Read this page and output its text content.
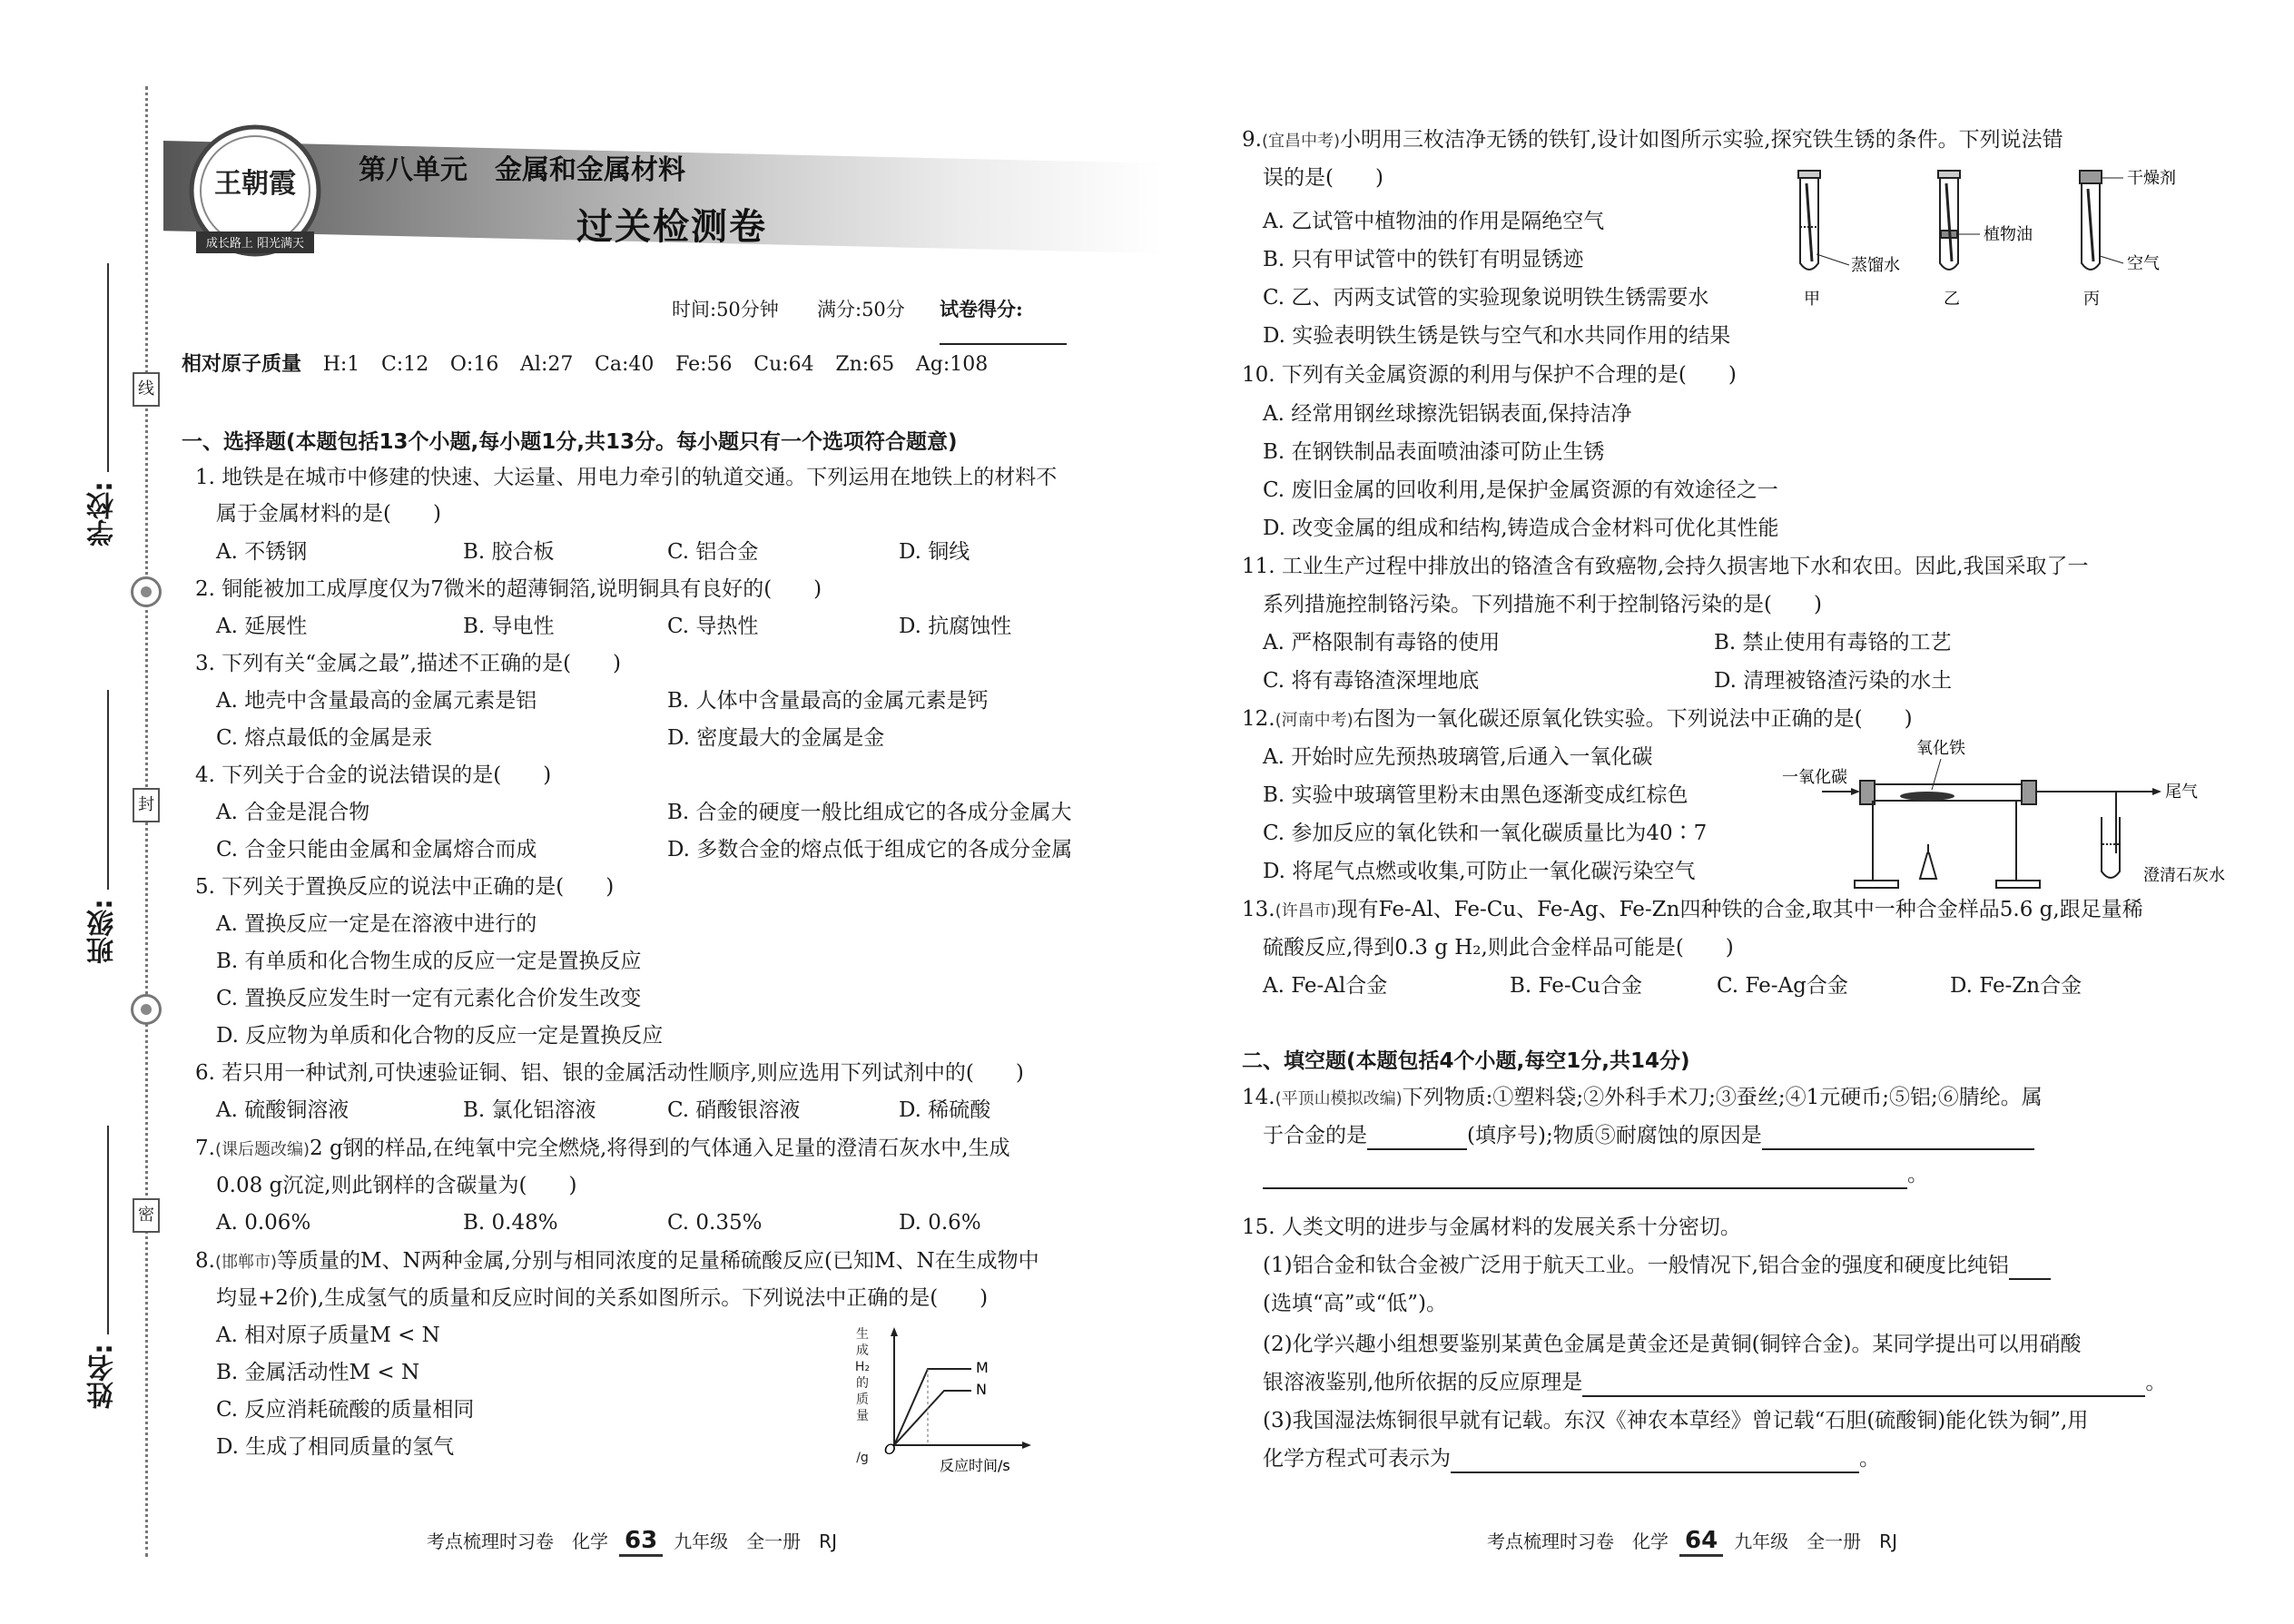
线
封
密
学校:
班级:
姓名:
王朝霞
成长路上 阳光满天
第八单元　金属和金属材料
过关检测卷
时间:50分钟 满分:50分 试卷得分:
相对原子质量 H:1 C:12 O:16 Al:27 Ca:40 Fe:56 Cu:64 Zn:65 Ag:108
一、选择题(本题包括13个小题,每小题1分,共13分。每小题只有一个选项符合题意)
1. 地铁是在城市中修建的快速、大运量、用电力牵引的轨道交通。下列运用在地铁上的材料不
属于金属材料的是(　　)
A. 不锈钢	B. 胶合板	C. 铝合金	D. 铜线
2. 铜能被加工成厚度仅为7微米的超薄铜箔,说明铜具有良好的(　　)
A. 延展性	B. 导电性	C. 导热性	D. 抗腐蚀性
3. 下列有关“金属之最”,描述不正确的是(　　)
A. 地壳中含量最高的金属元素是铝	B. 人体中含量最高的金属元素是钙
C. 熔点最低的金属是汞	D. 密度最大的金属是金
4. 下列关于合金的说法错误的是(　　)
A. 合金是混合物	B. 合金的硬度一般比组成它的各成分金属大
C. 合金只能由金属和金属熔合而成	D. 多数合金的熔点低于组成它的各成分金属
5. 下列关于置换反应的说法中正确的是(　　)
A. 置换反应一定是在溶液中进行的
B. 有单质和化合物生成的反应一定是置换反应
C. 置换反应发生时一定有元素化合价发生改变
D. 反应物为单质和化合物的反应一定是置换反应
6. 若只用一种试剂,可快速验证铜、铝、银的金属活动性顺序,则应选用下列试剂中的(　　)
A. 硫酸铜溶液	B. 氯化铝溶液	C. 硝酸银溶液	D. 稀硫酸
7.(课后题改编)2 g钢的样品,在纯氧中完全燃烧,将得到的气体通入足量的澄清石灰水中,生成
0.08 g沉淀,则此钢样的含碳量为(　　)
A. 0.06%	B. 0.48%	C. 0.35%	D. 0.6%
8.(邯郸市)等质量的M、N两种金属,分别与相同浓度的足量稀硫酸反应(已知M、N在生成物中
均显+2价),生成氢气的质量和反应时间的关系如图所示。下列说法中正确的是(　　)
A. 相对原子质量M < N
B. 金属活动性M < N
C. 反应消耗硫酸的质量相同
D. 生成了相同质量的氢气
生
成
H₂
的
质
量
/g O
M
N
反应时间/s
考点梳理时习卷　化学 63 九年级　全一册　RJ
9.(宜昌中考)小明用三枚洁净无锈的铁钉,设计如图所示实验,探究铁生锈的条件。下列说法错
误的是(　　)
A. 乙试管中植物油的作用是隔绝空气
B. 只有甲试管中的铁钉有明显锈迹
C. 乙、丙两支试管的实验现象说明铁生锈需要水
D. 实验表明铁生锈是铁与空气和水共同作用的结果
蒸馏水
甲
植物油
乙
干燥剂
空气
丙
10. 下列有关金属资源的利用与保护不合理的是(　　)
A. 经常用钢丝球擦洗铝锅表面,保持洁净
B. 在钢铁制品表面喷油漆可防止生锈
C. 废旧金属的回收利用,是保护金属资源的有效途径之一
D. 改变金属的组成和结构,铸造成合金材料可优化其性能
11. 工业生产过程中排放出的铬渣含有致癌物,会持久损害地下水和农田。因此,我国采取了一
系列措施控制铬污染。下列措施不利于控制铬污染的是(　　)
A. 严格限制有毒铬的使用	B. 禁止使用有毒铬的工艺
C. 将有毒铬渣深埋地底	D. 清理被铬渣污染的水土
12.(河南中考)右图为一氧化碳还原氧化铁实验。下列说法中正确的是(　　)
A. 开始时应先预热玻璃管,后通入一氧化碳
B. 实验中玻璃管里粉末由黑色逐渐变成红棕色
C. 参加反应的氧化铁和一氧化碳质量比为40∶7
D. 将尾气点燃或收集,可防止一氧化碳污染空气
一氧化碳
氧化铁
尾气
澄清石灰水
13.(许昌市)现有Fe-Al、Fe-Cu、Fe-Ag、Fe-Zn四种铁的合金,取其中一种合金样品5.6 g,跟足量稀
硫酸反应,得到0.3 g H₂,则此合金样品可能是(　　)
A. Fe-Al合金	B. Fe-Cu合金	C. Fe-Ag合金	D. Fe-Zn合金
二、填空题(本题包括4个小题,每空1分,共14分)
14.(平顶山模拟改编)下列物质:①塑料袋;②外科手术刀;③蚕丝;④1元硬币;⑤铝;⑥腈纶。属
于合金的是	(填序号);物质⑤耐腐蚀的原因是
。
15. 人类文明的进步与金属材料的发展关系十分密切。
(1)铝合金和钛合金被广泛用于航天工业。一般情况下,铝合金的强度和硬度比纯铝
(选填“高”或“低”)。
(2)化学兴趣小组想要鉴别某黄色金属是黄金还是黄铜(铜锌合金)。某同学提出可以用硝酸
银溶液鉴别,他所依据的反应原理是	。
(3)我国湿法炼铜很早就有记载。东汉《神农本草经》曾记载“石胆(硫酸铜)能化铁为铜”,用
化学方程式可表示为	。
考点梳理时习卷　化学 64 九年级　全一册　RJ
